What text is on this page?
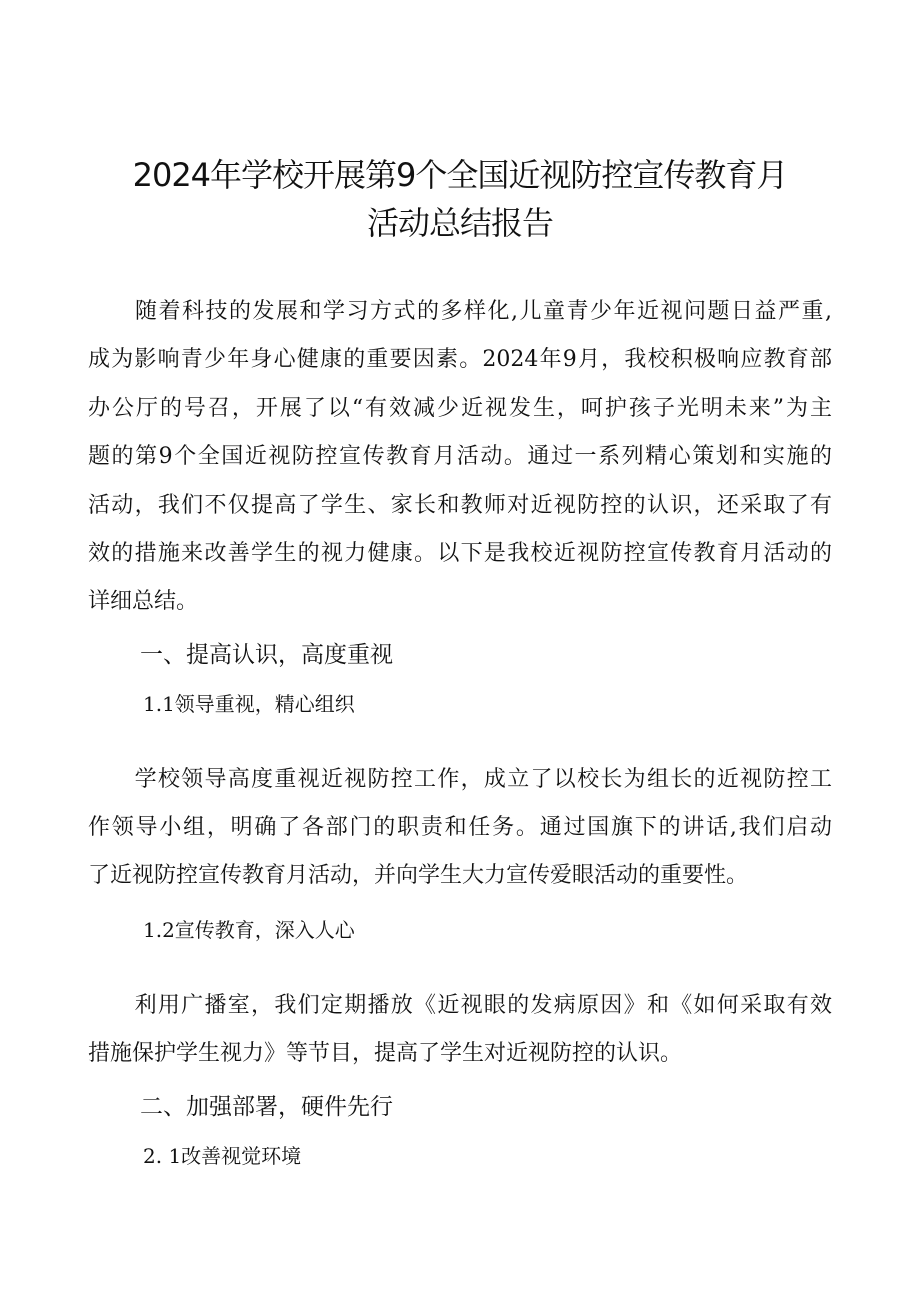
2024年学校开展第9个全国近视防控宣传教育月
活动总结报告
　　随着科技的发展和学习方式的多样化,儿童青少年近视问题日益严重,
成为影响青少年身心健康的重要因素。2024年9月，我校积极响应教育部
办公厅的号召，开展了以“有效减少近视发生，呵护孩子光明未来”为主
题的第9个全国近视防控宣传教育月活动。通过一系列精心策划和实施的
活动，我们不仅提高了学生、家长和教师对近视防控的认识，还采取了有
效的措施来改善学生的视力健康。以下是我校近视防控宣传教育月活动的
详细总结。
一、提高认识，高度重视
1.1领导重视，精心组织
　　学校领导高度重视近视防控工作，成立了以校长为组长的近视防控工
作领导小组，明确了各部门的职责和任务。通过国旗下的讲话,我们启动
了近视防控宣传教育月活动，并向学生大力宣传爱眼活动的重要性。
1.2宣传教育，深入人心
　　利用广播室，我们定期播放《近视眼的发病原因》和《如何采取有效
措施保护学生视力》等节目，提高了学生对近视防控的认识。
二、加强部署，硬件先行
2. 1改善视觉环境
